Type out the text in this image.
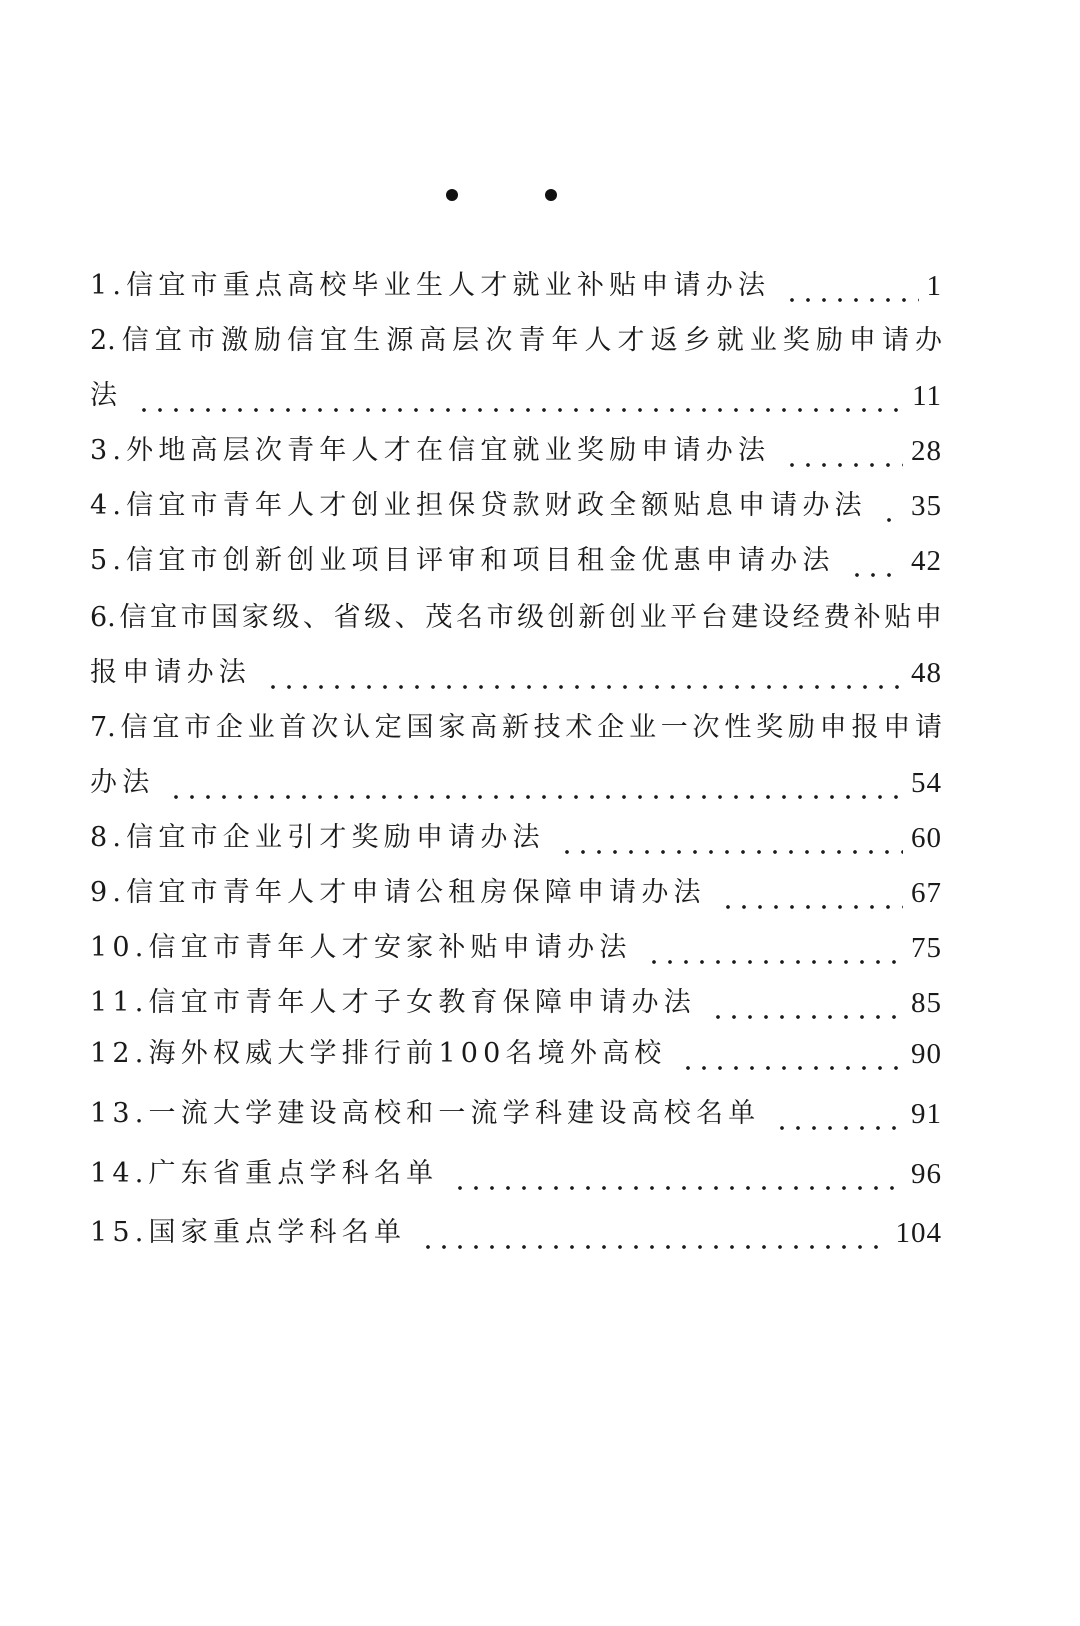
1.信宜市重点高校毕业生人才就业补贴申请办法	1
2.信宜市激励信宜生源高层次青年人才返乡就业奖励申请办
法	11
3.外地高层次青年人才在信宜就业奖励申请办法	28
4.信宜市青年人才创业担保贷款财政全额贴息申请办法 35
5.信宜市创新创业项目评审和项目租金优惠申请办法	42
6.信宜市国家级、省级、茂名市级创新创业平台建设经费补贴申
报申请办法	48
7.信宜市企业首次认定国家高新技术企业一次性奖励申报申请
办法	54
8.信宜市企业引才奖励申请办法	60
9.信宜市青年人才申请公租房保障申请办法	67
10.信宜市青年人才安家补贴申请办法	75
11.信宜市青年人才子女教育保障申请办法	85
12.海外权威大学排行前100名境外高校	90
13.一流大学建设高校和一流学科建设高校名单	91
14.广东省重点学科名单	96
15.国家重点学科名单	104
